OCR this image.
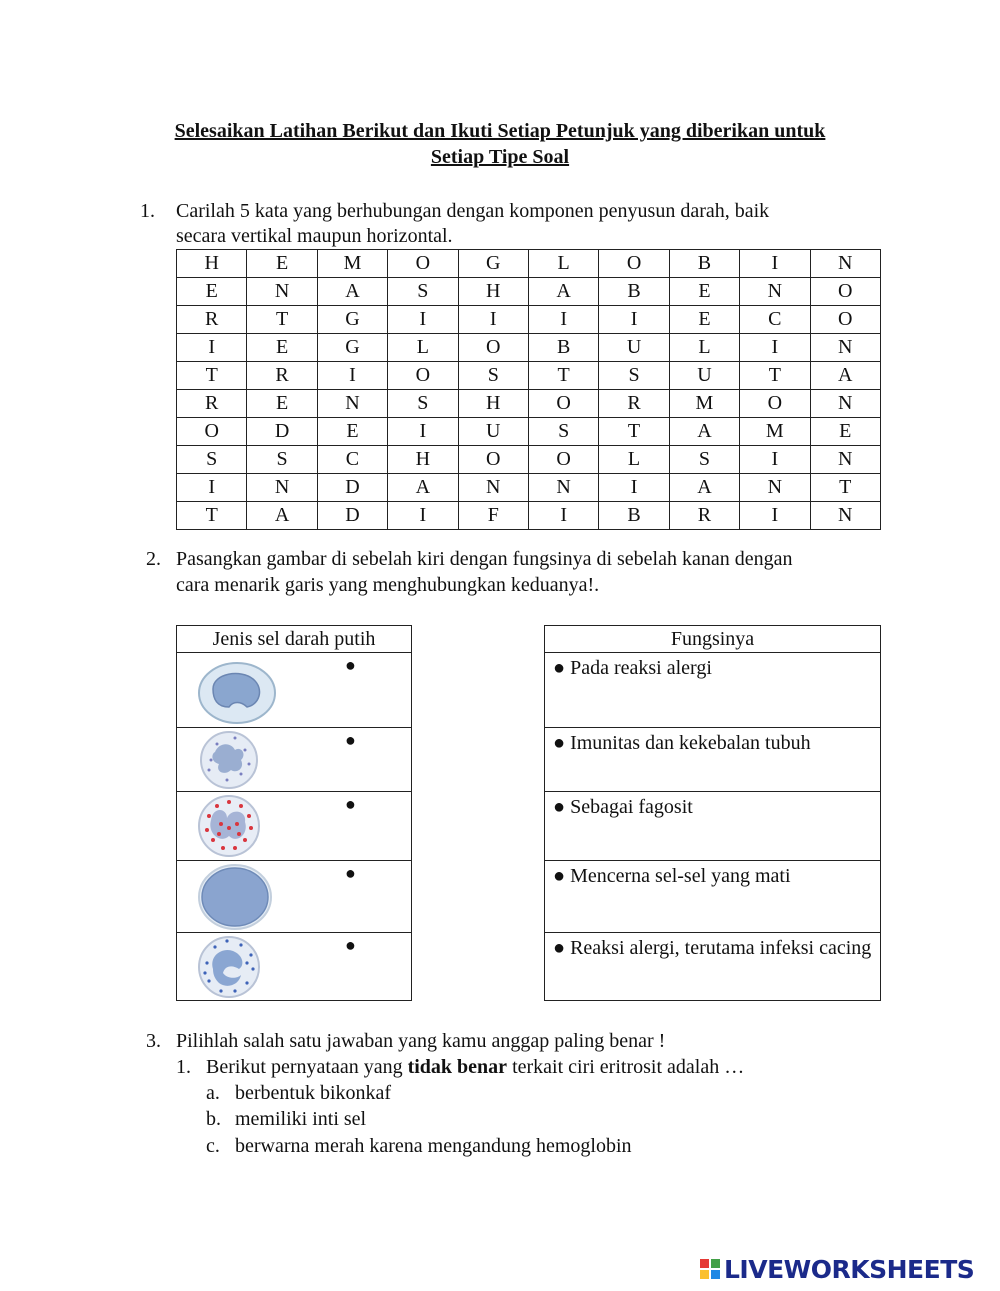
Selesaikan Latihan Berikut dan Ikuti Setiap Petunjuk yang diberikan untuk
Setiap Tipe Soal
1. Carilah 5 kata yang berhubungan dengan komponen penyusun darah, baik
secara vertikal maupun horizontal.
H	E	M	O	G	L	O	B	I	N
E	N	A	S	H	A	B	E	N	O
R	T	G	I	I	I	I	E	C	O
I	E	G	L	O	B	U	L	I	N
T	R	I	O	S	T	S	U	T	A
R	E	N	S	H	O	R	M	O	N
O	D	E	I	U	S	T	A	M	E
S	S	C	H	O	O	L	S	I	N
I	N	D	A	N	N	I	A	N	T
T	A	D	I	F	I	B	R	I	N
2. Pasangkan gambar di sebelah kiri dengan fungsinya di sebelah kanan dengan
cara menarik garis yang menghubungkan keduanya!.
Jenis sel darah putih

●

●

●

●

●
Fungsinya

● Pada reaksi alergi

● Imunitas dan kekebalan tubuh

● Sebagai fagosit

● Mencerna sel-sel yang mati

● Reaksi alergi, terutama infeksi cacing
3. Pilihlah salah satu jawaban yang kamu anggap paling benar !
1. Berikut pernyataan yang tidak benar terkait ciri eritrosit adalah …
a. berbentuk bikonkaf
b. memiliki inti sel
c. berwarna merah karena mengandung hemoglobin
LIVEWORKSHEETS
